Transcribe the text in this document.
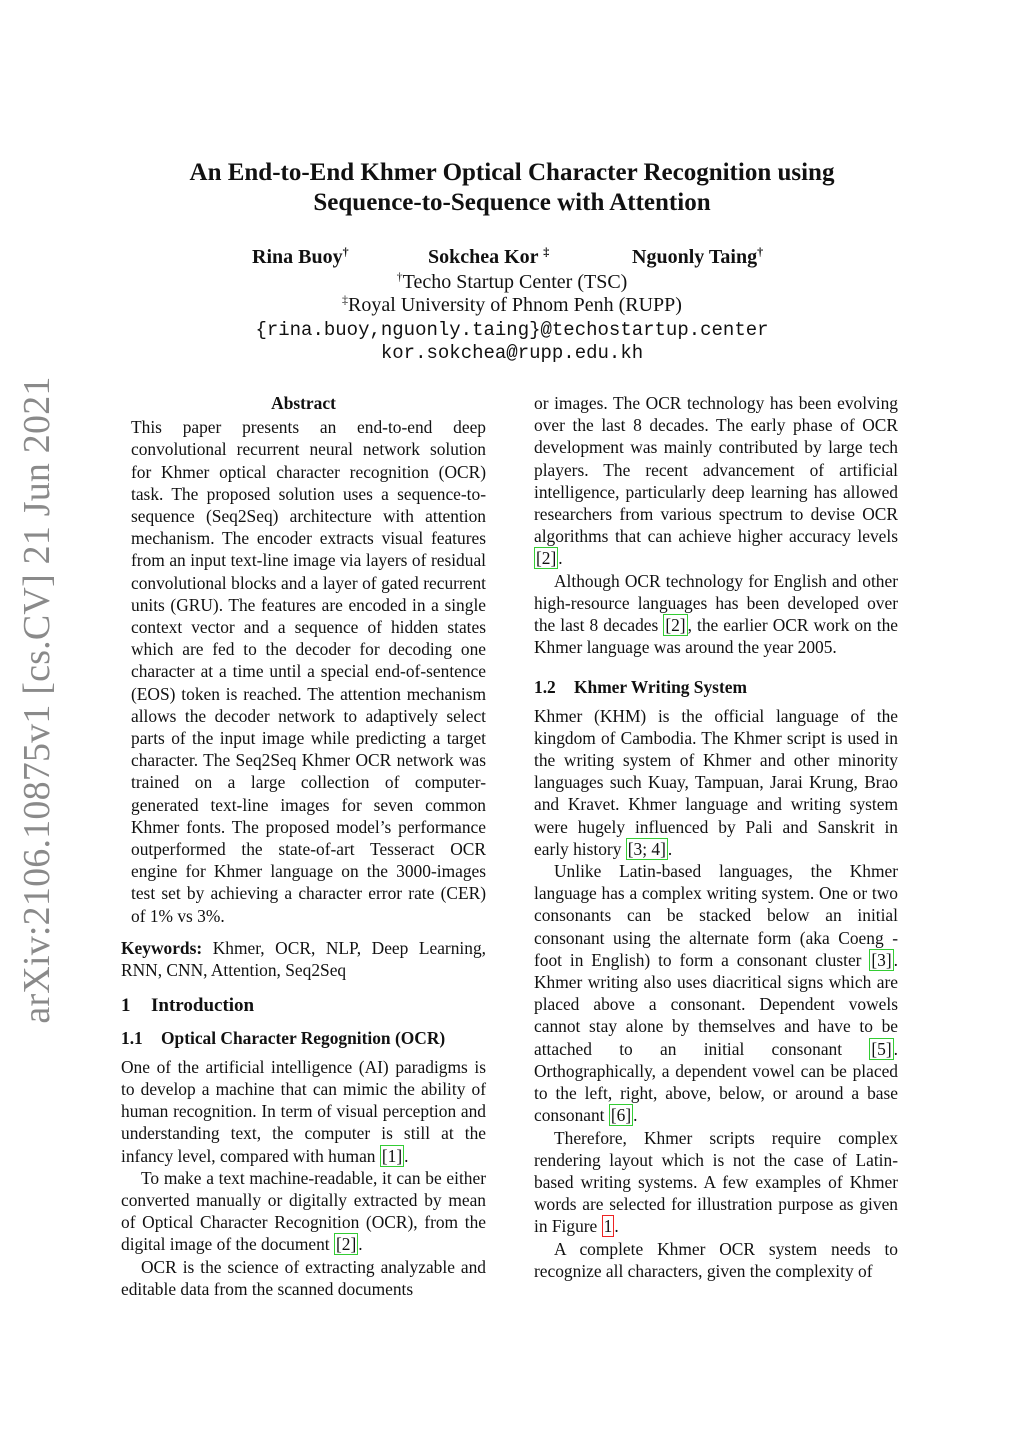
arXiv:2106.10875v1 [cs.CV] 21 Jun 2021
An End-to-End Khmer Optical Character Recognition using
Sequence-to-Sequence with Attention
Rina Buoy†	Sokchea Kor ‡	Nguonly Taing†
†Techo Startup Center (TSC)
‡Royal University of Phnom Penh (RUPP)
{rina.buoy,nguonly.taing}@techostartup.center
kor.sokchea@rupp.edu.kh
Abstract

This paper presents an end-to-end deep convolutional recurrent neural network solution for Khmer optical character recognition (OCR) task. The proposed solution uses a sequence-to-sequence (Seq2Seq) architecture with attention mechanism. The encoder extracts visual features from an input text-line image via layers of residual convolutional blocks and a layer of gated recurrent units (GRU). The features are encoded in a single context vector and a sequence of hidden states which are fed to the decoder for decoding one character at a time until a special end-of-sentence (EOS) token is reached. The attention mechanism allows the decoder network to adaptively select parts of the input image while predicting a target character. The Seq2Seq Khmer OCR network was trained on a large collection of computer-generated text-line images for seven common Khmer fonts. The proposed model’s performance outperformed the state-of-art Tesseract OCR engine for Khmer language on the 3000-images test set by achieving a character error rate (CER) of 1% vs 3%.

Keywords: Khmer, OCR, NLP, Deep Learning, RNN, CNN, Attention, Seq2Seq

1 Introduction
1.1 Optical Character Regognition (OCR)

One of the artificial intelligence (AI) paradigms is to develop a machine that can mimic the ability of human recognition. In term of visual perception and understanding text, the computer is still at the infancy level, compared with human [1] .

To make a text machine-readable, it can be either converted manually or digitally extracted by mean of Optical Character Recognition (OCR), from the digital image of the document [2] .

OCR is the science of extracting analyzable and editable data from the scanned documents

or images. The OCR technology has been evolving over the last 8 decades. The early phase of OCR development was mainly contributed by large tech players. The recent advancement of artificial intelligence, particularly deep learning has allowed researchers from various spectrum to devise OCR algorithms that can achieve higher accuracy levels [2] .

Although OCR technology for English and other high-resource languages has been developed over the last 8 decades [2] , the earlier OCR work on the Khmer language was around the year 2005.

1.2 Khmer Writing System

Khmer (KHM) is the official language of the kingdom of Cambodia. The Khmer script is used in the writing system of Khmer and other minority languages such Kuay, Tampuan, Jarai Krung, Brao and Kravet. Khmer language and writing system were hugely influenced by Pali and Sanskrit in early history [3; 4] .

Unlike Latin-based languages, the Khmer language has a complex writing system. One or two consonants can be stacked below an initial consonant using the alternate form (aka Coeng - foot in English) to form a consonant cluster [3] . Khmer writing also uses diacritical signs which are placed above a consonant. Dependent vowels cannot stay alone by themselves and have to be attached to an initial consonant [5] . Orthographically, a dependent vowel can be placed to the left, right, above, below, or around a base consonant [6] .

Therefore, Khmer scripts require complex rendering layout which is not the case of Latin-based writing systems. A few examples of Khmer words are selected for illustration purpose as given in Figure 1 .

A complete Khmer OCR system needs to recognize all characters, given the complexity of
